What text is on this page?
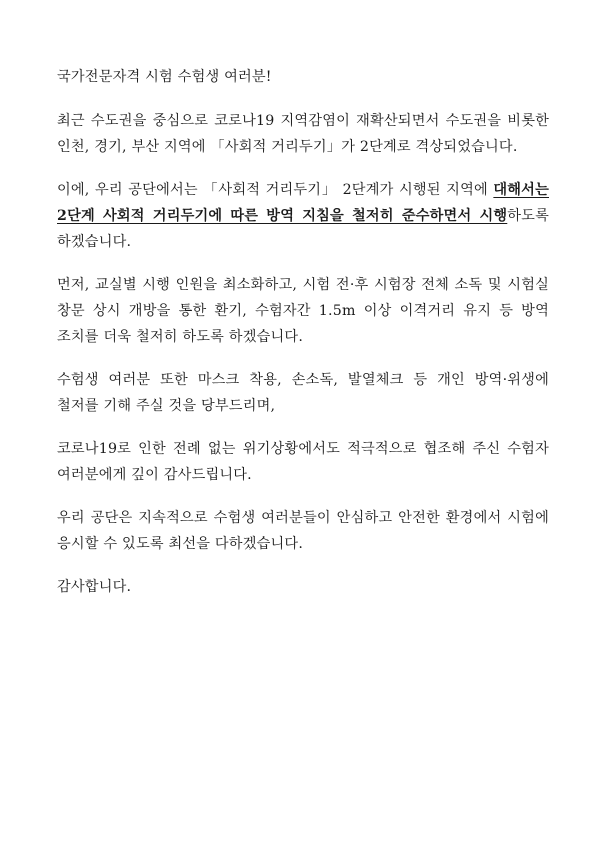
국가전문자격 시험 수험생 여러분!

최근 수도권을 중심으로 코로나19 지역감염이 재확산되면서 수도권을 비롯한 인천, 경기, 부산 지역에 「사회적 거리두기」가 2단계로 격상되었습니다.

이에, 우리 공단에서는 「사회적 거리두기」 2단계가 시행된 지역에 대해서는 2단계 사회적 거리두기에 따른 방역 지침을 철저히 준수하면서 시행하도록 하겠습니다.

먼저, 교실별 시행 인원을 최소화하고, 시험 전·후 시험장 전체 소독 및 시험실 창문 상시 개방을 통한 환기, 수험자간 1.5m 이상 이격거리 유지 등 방역 조치를 더욱 철저히 하도록 하겠습니다.

수험생 여러분 또한 마스크 착용, 손소독, 발열체크 등 개인 방역·위생에 철저를 기해 주실 것을 당부드리며,

코로나19로 인한 전례 없는 위기상황에서도 적극적으로 협조해 주신 수험자 여러분에게 깊이 감사드립니다.

우리 공단은 지속적으로 수험생 여러분들이 안심하고 안전한 환경에서 시험에 응시할 수 있도록 최선을 다하겠습니다.

감사합니다.
